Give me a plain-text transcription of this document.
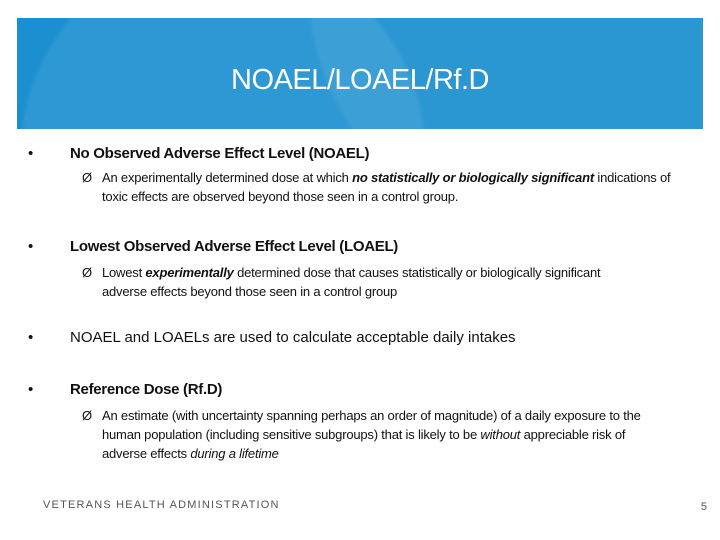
NOAEL/LOAEL/Rf.D
• No Observed Adverse Effect Level (NOAEL)
Ø An experimentally determined dose at which no statistically or biologically significant indications of toxic effects are observed beyond those seen in a control group.
• Lowest Observed Adverse Effect Level (LOAEL)
Ø Lowest experimentally determined dose that causes statistically or biologically significant adverse effects beyond those seen in a control group
• NOAEL and LOAELs are used to calculate acceptable daily intakes
• Reference Dose (Rf.D)
Ø An estimate (with uncertainty spanning perhaps an order of magnitude) of a daily exposure to the human population (including sensitive subgroups) that is likely to be without appreciable risk of adverse effects during a lifetime
VETERANS HEALTH ADMINISTRATION	5
